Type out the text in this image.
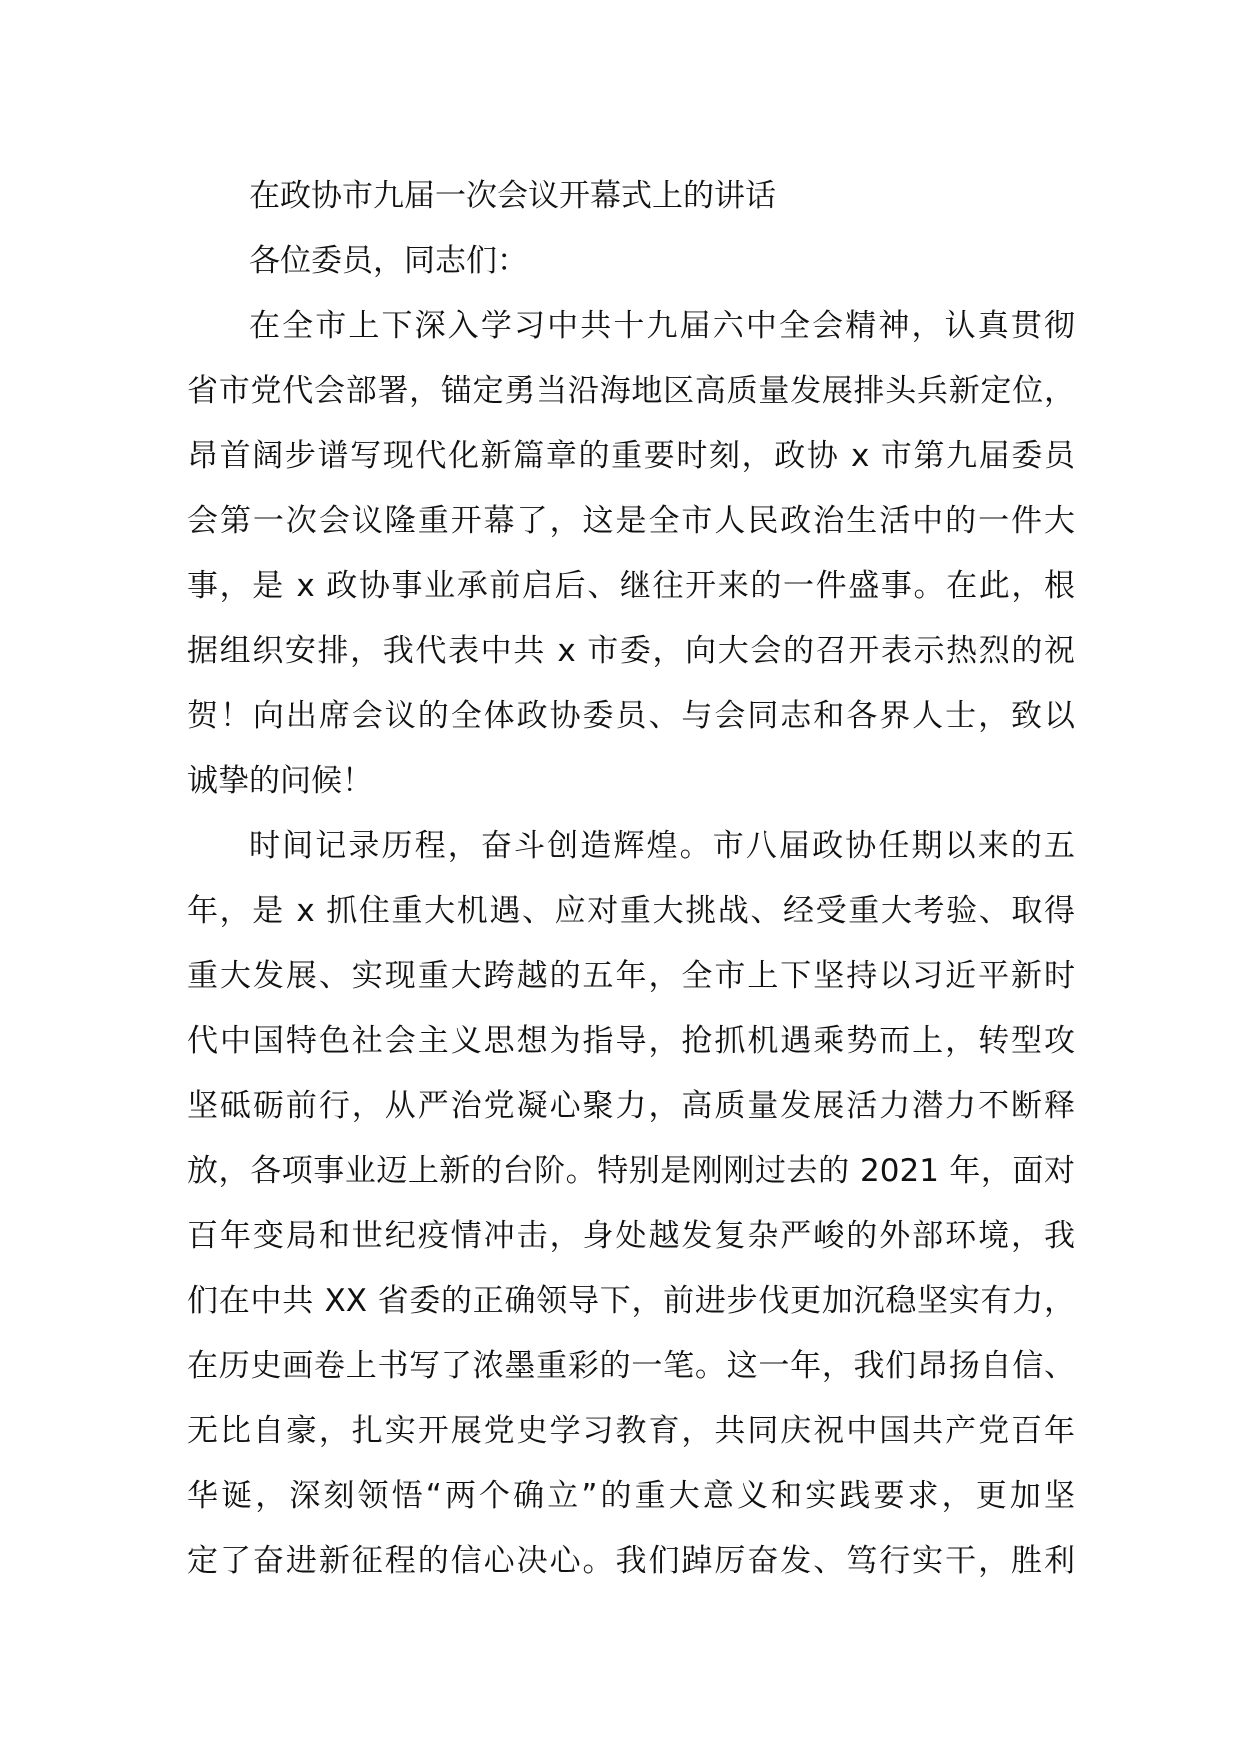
在政协市九届一次会议开幕式上的讲话
各位委员，同志们：
在全市上下深入学习中共十九届六中全会精神，认真贯彻
省市党代会部署，锚定勇当沿海地区高质量发展排头兵新定位，
昂首阔步谱写现代化新篇章的重要时刻，政协 x 市第九届委员
会第一次会议隆重开幕了，这是全市人民政治生活中的一件大
事，是 x 政协事业承前启后、继往开来的一件盛事。在此，根
据组织安排，我代表中共 x 市委，向大会的召开表示热烈的祝
贺！向出席会议的全体政协委员、与会同志和各界人士，致以
诚挚的问候！
时间记录历程，奋斗创造辉煌。市八届政协任期以来的五
年，是 x 抓住重大机遇、应对重大挑战、经受重大考验、取得
重大发展、实现重大跨越的五年，全市上下坚持以习近平新时
代中国特色社会主义思想为指导，抢抓机遇乘势而上，转型攻
坚砥砺前行，从严治党凝心聚力，高质量发展活力潜力不断释
放，各项事业迈上新的台阶。特别是刚刚过去的 2021 年，面对
百年变局和世纪疫情冲击，身处越发复杂严峻的外部环境，我
们在中共 XX 省委的正确领导下，前进步伐更加沉稳坚实有力，
在历史画卷上书写了浓墨重彩的一笔。这一年，我们昂扬自信、
无比自豪，扎实开展党史学习教育，共同庆祝中国共产党百年
华诞，深刻领悟“两个确立”的重大意义和实践要求，更加坚
定了奋进新征程的信心决心。我们踔厉奋发、笃行实干，胜利
